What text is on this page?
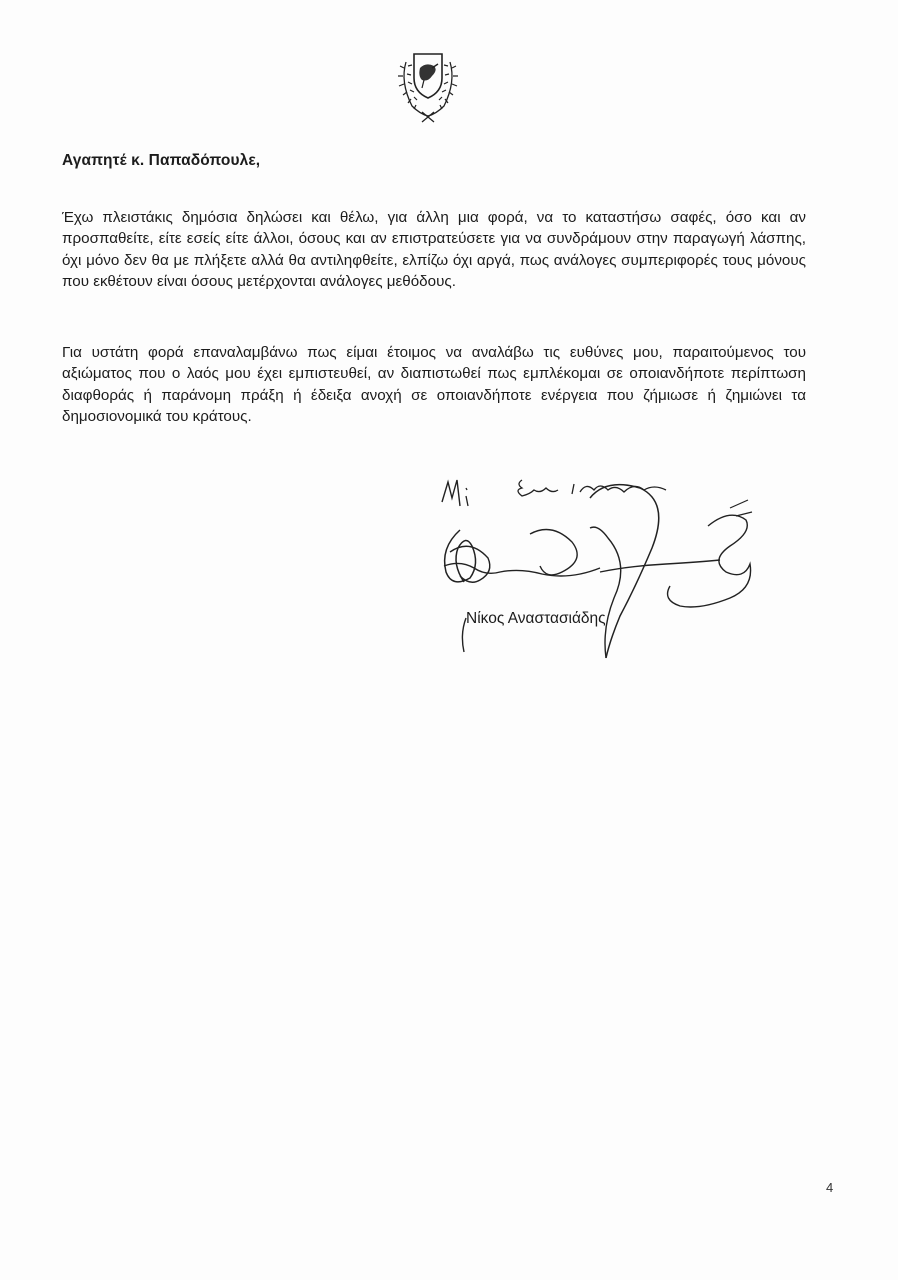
Αγαπητέ κ. Παπαδόπουλε,

Έχω πλειστάκις δημόσια δηλώσει και θέλω, για άλλη μια φορά, να το καταστήσω σαφές, όσο και αν προσπαθείτε, είτε εσείς είτε άλλοι, όσους και αν επιστρατεύσετε για να συνδράμουν στην παραγωγή λάσπης, όχι μόνο δεν θα με πλήξετε αλλά θα αντιληφθείτε, ελπίζω όχι αργά, πως ανάλογες συμπεριφορές τους μόνους που εκθέτουν είναι όσους μετέρχονται ανάλογες μεθόδους.

Για υστάτη φορά επαναλαμβάνω πως είμαι έτοιμος να αναλάβω τις ευθύνες μου, παραιτούμενος του αξιώματος που ο λαός μου έχει εμπιστευθεί, αν διαπιστωθεί πως εμπλέκομαι σε οποιανδήποτε περίπτωση διαφθοράς ή παράνομη πράξη ή έδειξα ανοχή σε οποιανδήποτε ενέργεια που ζήμιωσε ή ζημιώνει τα δημοσιονομικά του κράτους.

Νίκος Αναστασιάδης
4
